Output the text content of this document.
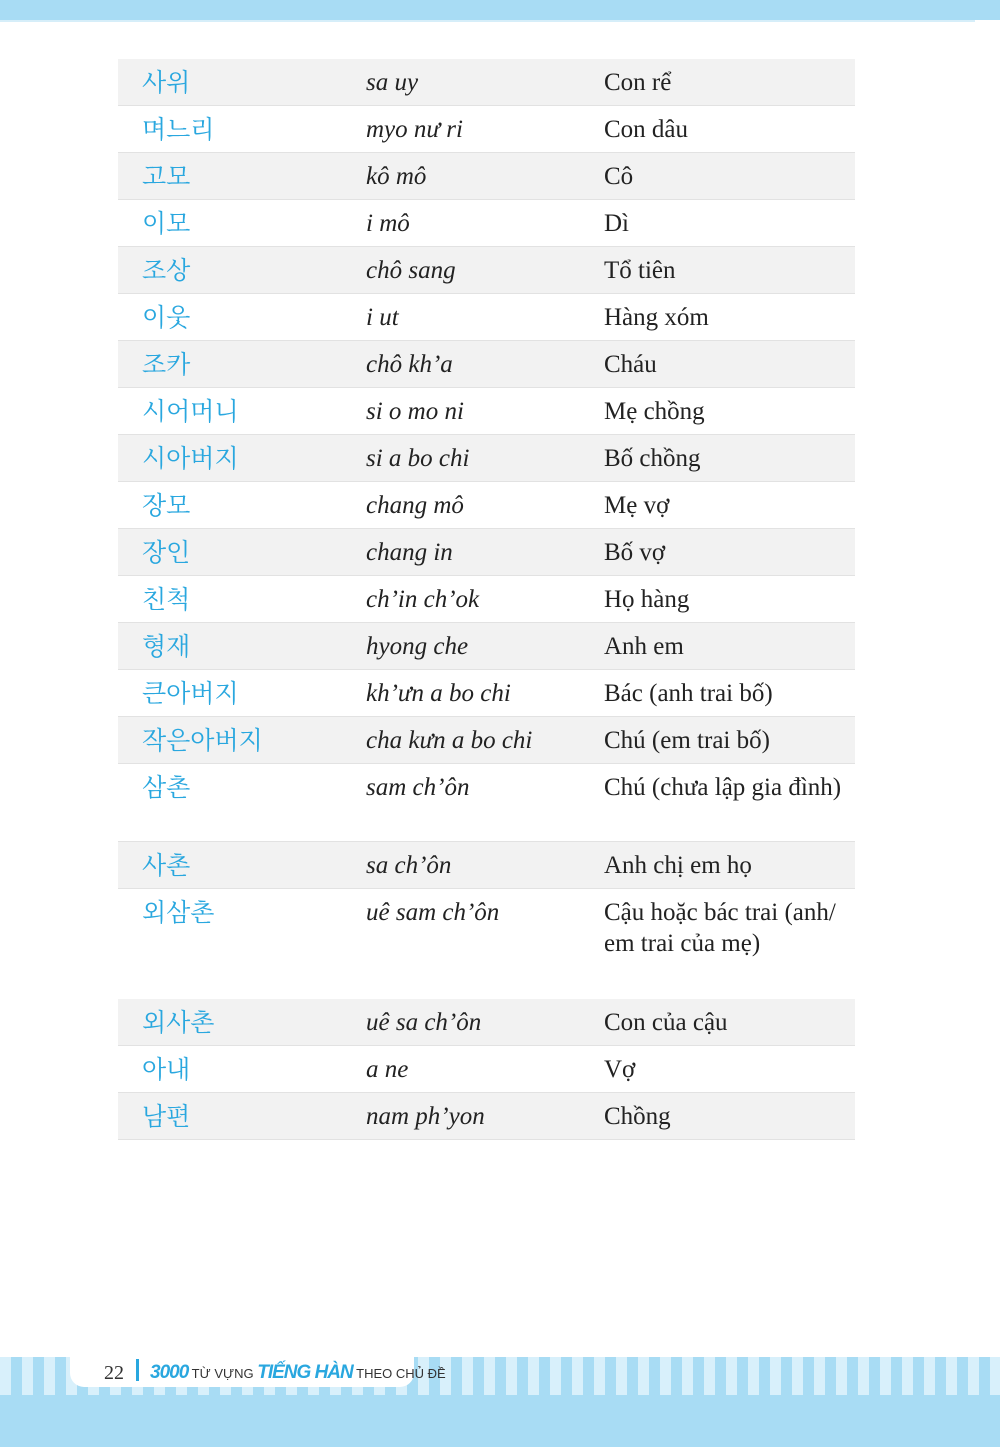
사위	sa uy	Con rể
며느리	myo nư ri	Con dâu
고모	kô mô	Cô
이모	i mô	Dì
조상	chô sang	Tổ tiên
이웃	i ut	Hàng xóm
조카	chô kh’a	Cháu
시어머니	si o mo ni	Mẹ chồng
시아버지	si a bo chi	Bố chồng
장모	chang mô	Mẹ vợ
장인	chang in	Bố vợ
친척	ch’in ch’ok	Họ hàng
형재	hyong che	Anh em
큰아버지	kh’ưn a bo chi	Bác (anh trai bố)
작은아버지	cha kưn a bo chi	Chú (em trai bố)
삼촌	sam ch’ôn	Chú (chưa lập gia đình)
사촌	sa ch’ôn	Anh chị em họ
외삼촌	uê sam ch’ôn	Cậu hoặc bác trai (anh/ em trai của mẹ)
외사촌	uê sa ch’ôn	Con của cậu
아내	a ne	Vợ
남편	nam ph’yon	Chồng
22 3000 TỪ VỰNG TIẾNG HÀN THEO CHỦ ĐỀ
